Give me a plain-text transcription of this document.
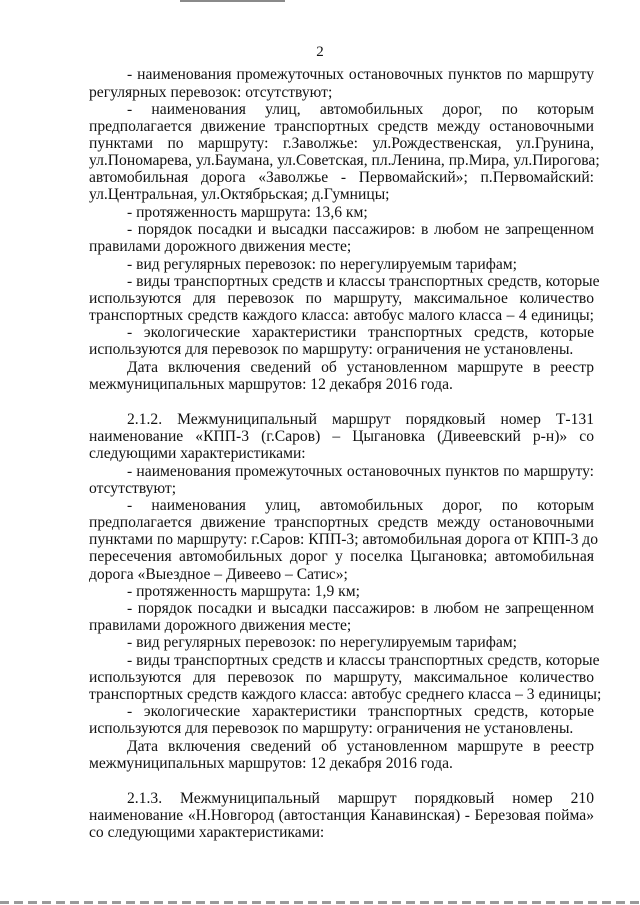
2
- наименования промежуточных остановочных пунктов по маршруту
регулярных перевозок: отсутствуют;
- наименования улиц, автомобильных дорог, по которым
предполагается движение транспортных средств между остановочными
пунктами по маршруту: г.Заволжье: ул.Рождественская, ул.Грунина,
ул.Пономарева, ул.Баумана, ул.Советская, пл.Ленина, пр.Мира, ул.Пирогова;
автомобильная дорога «Заволжье - Первомайский»; п.Первомайский:
ул.Центральная, ул.Октябрьская; д.Гумницы;
- протяженность маршрута: 13,6 км;
- порядок посадки и высадки пассажиров: в любом не запрещенном
правилами дорожного движения месте;
- вид регулярных перевозок: по нерегулируемым тарифам;
- виды транспортных средств и классы транспортных средств, которые
используются для перевозок по маршруту, максимальное количество
транспортных средств каждого класса: автобус малого класса – 4 единицы;
- экологические характеристики транспортных средств, которые
используются для перевозок по маршруту: ограничения не установлены.
Дата включения сведений об установленном маршруте в реестр
межмуниципальных маршрутов: 12 декабря 2016 года.
2.1.2. Межмуниципальный маршрут порядковый номер Т-131
наименование «КПП-3 (г.Саров) – Цыгановка (Дивеевский р-н)» со
следующими характеристиками:
- наименования промежуточных остановочных пунктов по маршруту:
отсутствуют;
- наименования улиц, автомобильных дорог, по которым
предполагается движение транспортных средств между остановочными
пунктами по маршруту: г.Саров: КПП-3; автомобильная дорога от КПП-3 до
пересечения автомобильных дорог у поселка Цыгановка; автомобильная
дорога «Выездное – Дивеево – Сатис»;
- протяженность маршрута: 1,9 км;
- порядок посадки и высадки пассажиров: в любом не запрещенном
правилами дорожного движения месте;
- вид регулярных перевозок: по нерегулируемым тарифам;
- виды транспортных средств и классы транспортных средств, которые
используются для перевозок по маршруту, максимальное количество
транспортных средств каждого класса: автобус среднего класса – 3 единицы;
- экологические характеристики транспортных средств, которые
используются для перевозок по маршруту: ограничения не установлены.
Дата включения сведений об установленном маршруте в реестр
межмуниципальных маршрутов: 12 декабря 2016 года.
2.1.3. Межмуниципальный маршрут порядковый номер 210
наименование «Н.Новгород (автостанция Канавинская) - Березовая пойма»
со следующими характеристиками:
